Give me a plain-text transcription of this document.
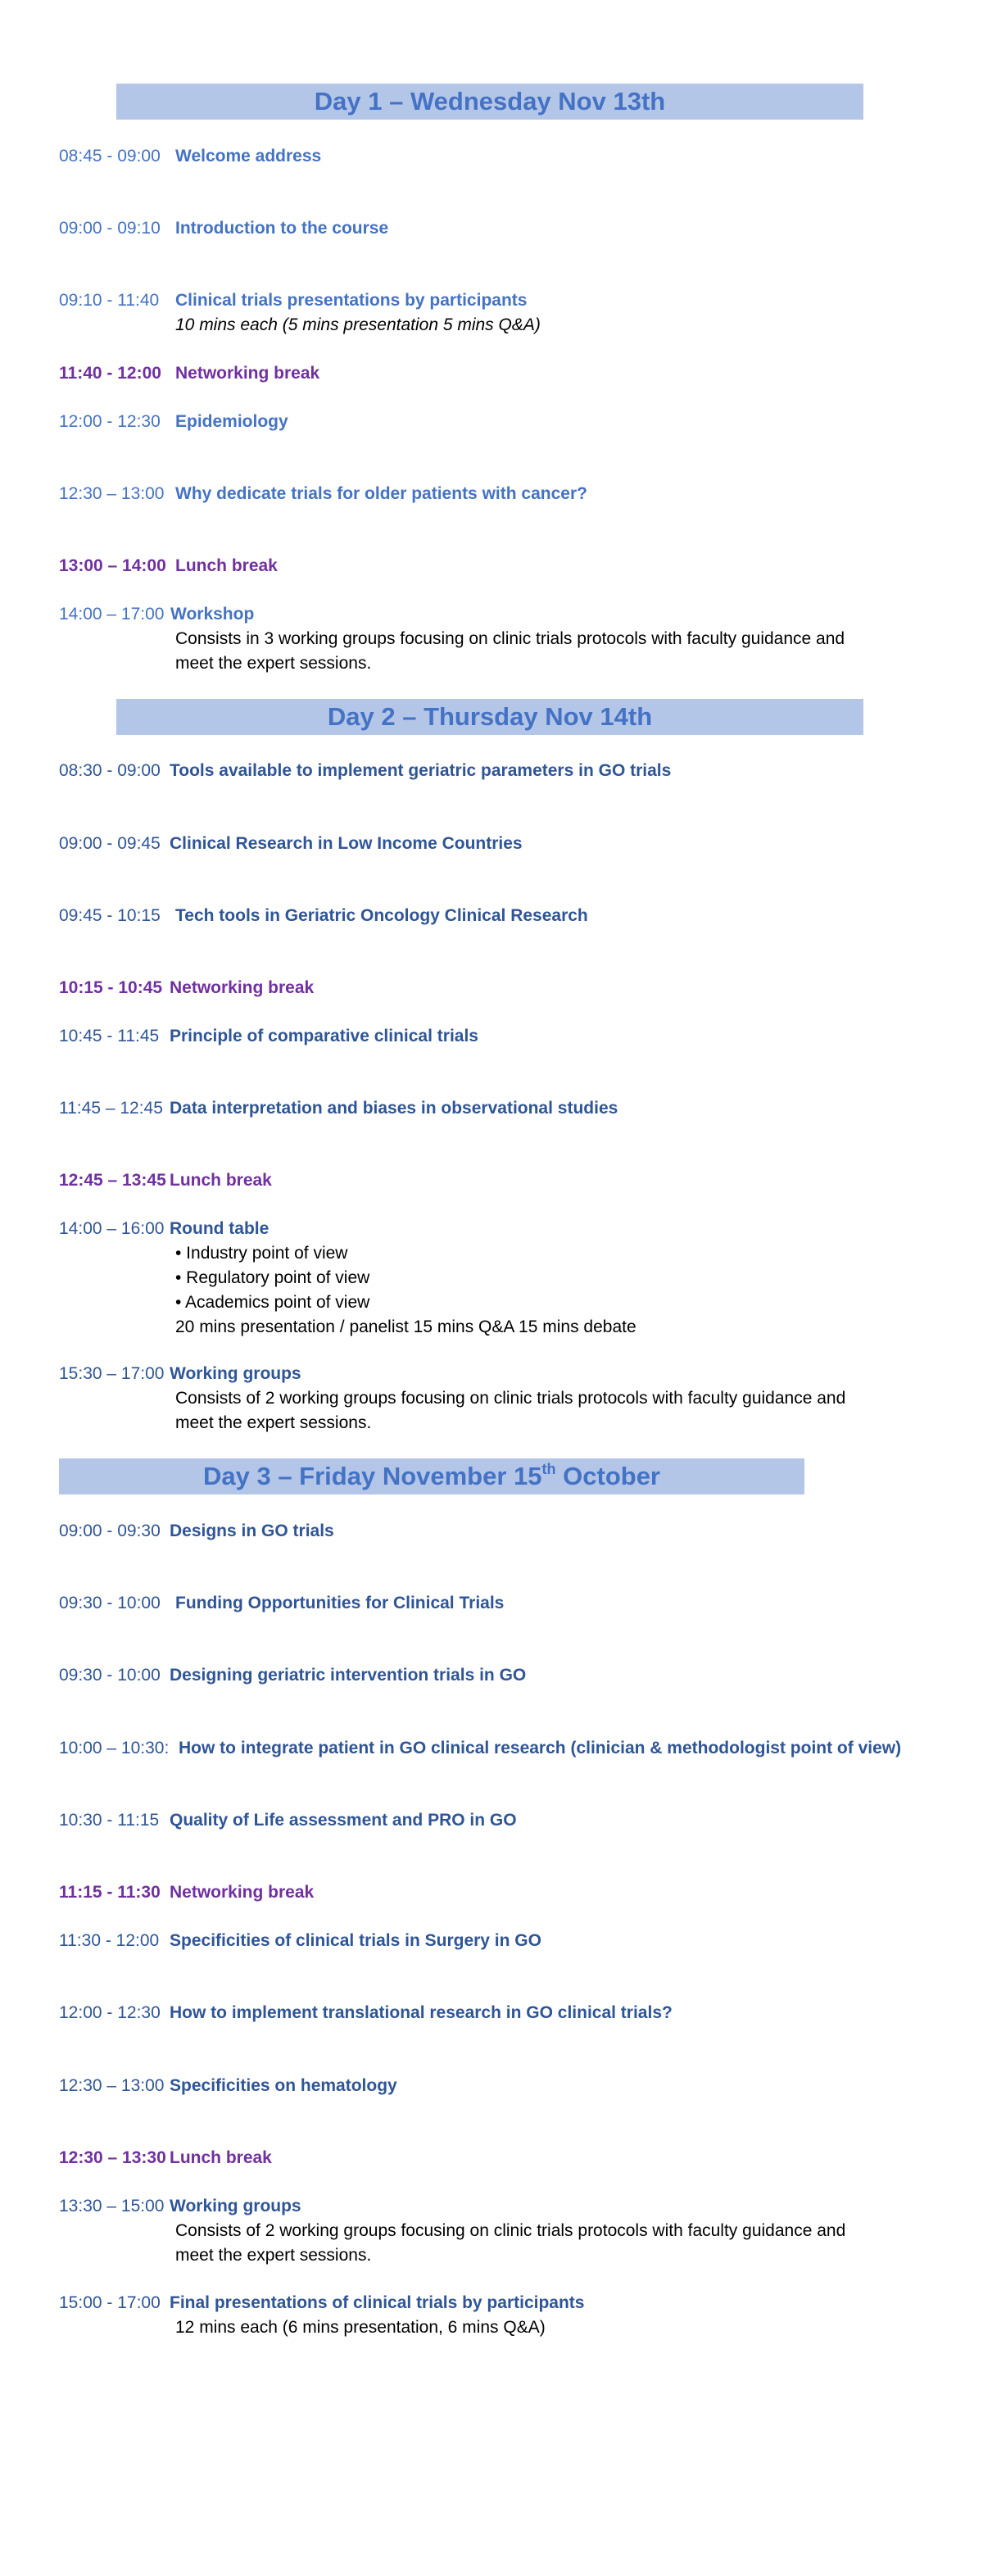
Day 1 – Wednesday Nov 13th
08:45 - 09:00 Welcome address
09:00 - 09:10 Introduction to the course
09:10 - 11:40 Clinical trials presentations by participants
10 mins each (5 mins presentation 5 mins Q&A)
11:40 - 12:00 Networking break
12:00 - 12:30 Epidemiology
12:30 – 13:00 Why dedicate trials for older patients with cancer?
13:00 – 14:00 Lunch break
14:00 – 17:00 Workshop
Consists in 3 working groups focusing on clinic trials protocols with faculty guidance and
meet the expert sessions.
Day 2 – Thursday Nov 14th
08:30 - 09:00 Tools available to implement geriatric parameters in GO trials
09:00 - 09:45 Clinical Research in Low Income Countries
09:45 - 10:15 Tech tools in Geriatric Oncology Clinical Research
10:15 - 10:45 Networking break
10:45 - 11:45 Principle of comparative clinical trials
11:45 – 12:45 Data interpretation and biases in observational studies
12:45 – 13:45 Lunch break
14:00 – 16:00 Round table
• Industry point of view
• Regulatory point of view
• Academics point of view
20 mins presentation / panelist 15 mins Q&A 15 mins debate
15:30 – 17:00 Working groups
Consists of 2 working groups focusing on clinic trials protocols with faculty guidance and
meet the expert sessions.
Day 3 – Friday November 15th October
09:00 - 09:30 Designs in GO trials
09:30 - 10:00 Funding Opportunities for Clinical Trials
09:30 - 10:00 Designing geriatric intervention trials in GO
10:00 – 10:30: How to integrate patient in GO clinical research (clinician & methodologist point of view)
10:30 - 11:15 Quality of Life assessment and PRO in GO
11:15 - 11:30 Networking break
11:30 - 12:00 Specificities of clinical trials in Surgery in GO
12:00 - 12:30 How to implement translational research in GO clinical trials?
12:30 – 13:00 Specificities on hematology
12:30 – 13:30 Lunch break
13:30 – 15:00 Working groups
Consists of 2 working groups focusing on clinic trials protocols with faculty guidance and
meet the expert sessions.
15:00 - 17:00 Final presentations of clinical trials by participants
12 mins each (6 mins presentation, 6 mins Q&A)
